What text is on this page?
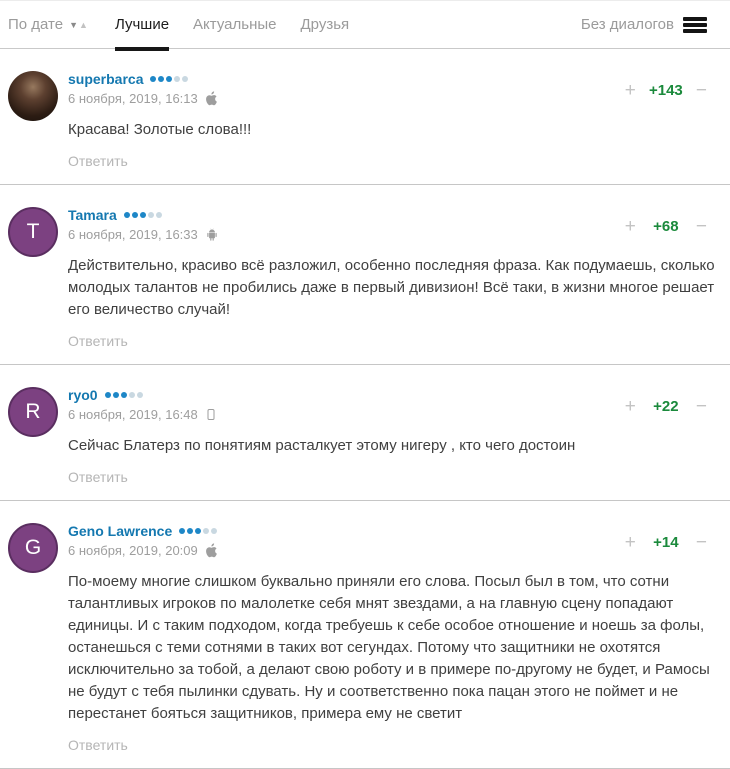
По дате ▼▲ Лучшие Актуальные Друзья	Без диалогов
+ +143 −
superbarca
6 ноября, 2019, 16:13

Красава! Золотые слова!!!

Ответить
T	+ +68 −
Tamara
6 ноября, 2019, 16:33

Действительно, красиво всё разложил, особенно последняя фраза. Как подумаешь, сколько молодых талантов не пробились даже в первый дивизион! Всё таки, в жизни многое решает его величество случай!

Ответить
R	+ +22 −
ryo0
6 ноября, 2019, 16:48

Сейчас Блатерз по понятиям расталкует этому нигеру , кто чего достоин

Ответить
G	+ +14 −
Geno Lawrence
6 ноября, 2019, 20:09

По-моему многие слишком буквально приняли его слова. Посыл был в том, что сотни талантливых игроков по малолетке себя мнят звездами, а на главную сцену попадают единицы. И с таким подходом, когда требуешь к себе особое отношение и ноешь за фолы, останешься с теми сотнями в таких вот сегундах. Потому что защитники не охотятся исключительно за тобой, а делают свою роботу и в примере по-другому не будет, и Рамосы не будут с тебя пылинки сдувать. Ну и соответственно пока пацан этого не поймет и не перестанет бояться защитников, примера ему не светит

Ответить
